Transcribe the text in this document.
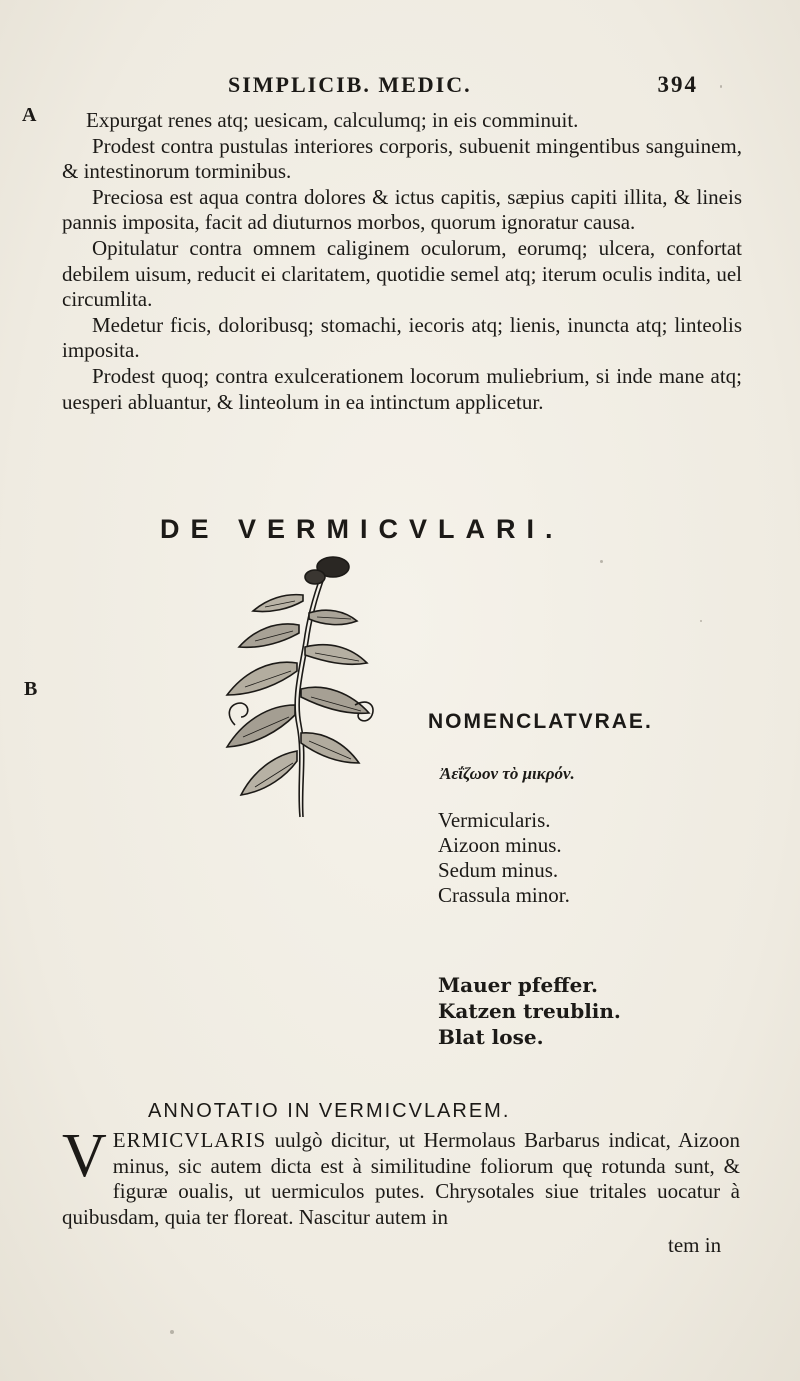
A
B
SIMPLICIB. MEDIC.	394

Expurgat renes atq; uesicam, calculumq; in eis comminuit.

Prodest contra pustulas interiores corporis, subuenit mingentibus sanguinem, & intestinorum torminibus.

Preciosa est aqua contra dolores & ictus capitis, sæpius capiti illita, & lineis pannis imposita, facit ad diuturnos morbos, quorum ignoratur causa.

Opitulatur contra omnem caliginem oculorum, eorumq; ulcera, confortat debilem uisum, reducit ei claritatem, quotidie semel atq; iterum oculis indita, uel circumlita.

Medetur ficis, doloribusq; stomachi, iecoris atq; lienis, inuncta atq; linteolis imposita.

Prodest quoq; contra exulcerationem locorum muliebrium, si inde mane atq; uesperi abluantur, & linteolum in ea intinctum applicetur.

DE VERMICVLARI.
NOMENCLATVRAE.
Ἀεΐζωον τὸ μικρόν.
Vermicularis.
Aizoon minus.
Sedum minus.
Crassula minor.
Mauer pfeffer.
Katzen treublin.
Blat lose.
ANNOTATIO IN VERMICVLAREM.
VERMICVLARIS uulgò dicitur, ut Hermolaus Barbarus indicat, Aizoon minus, sic autem dicta est à similitudine foliorum quę rotunda sunt, & figuræ oualis, ut uermiculos putes. Chrysotales siue tritales uocatur à quibusdam, quia ter floreat. Nascitur autem in
tem in
